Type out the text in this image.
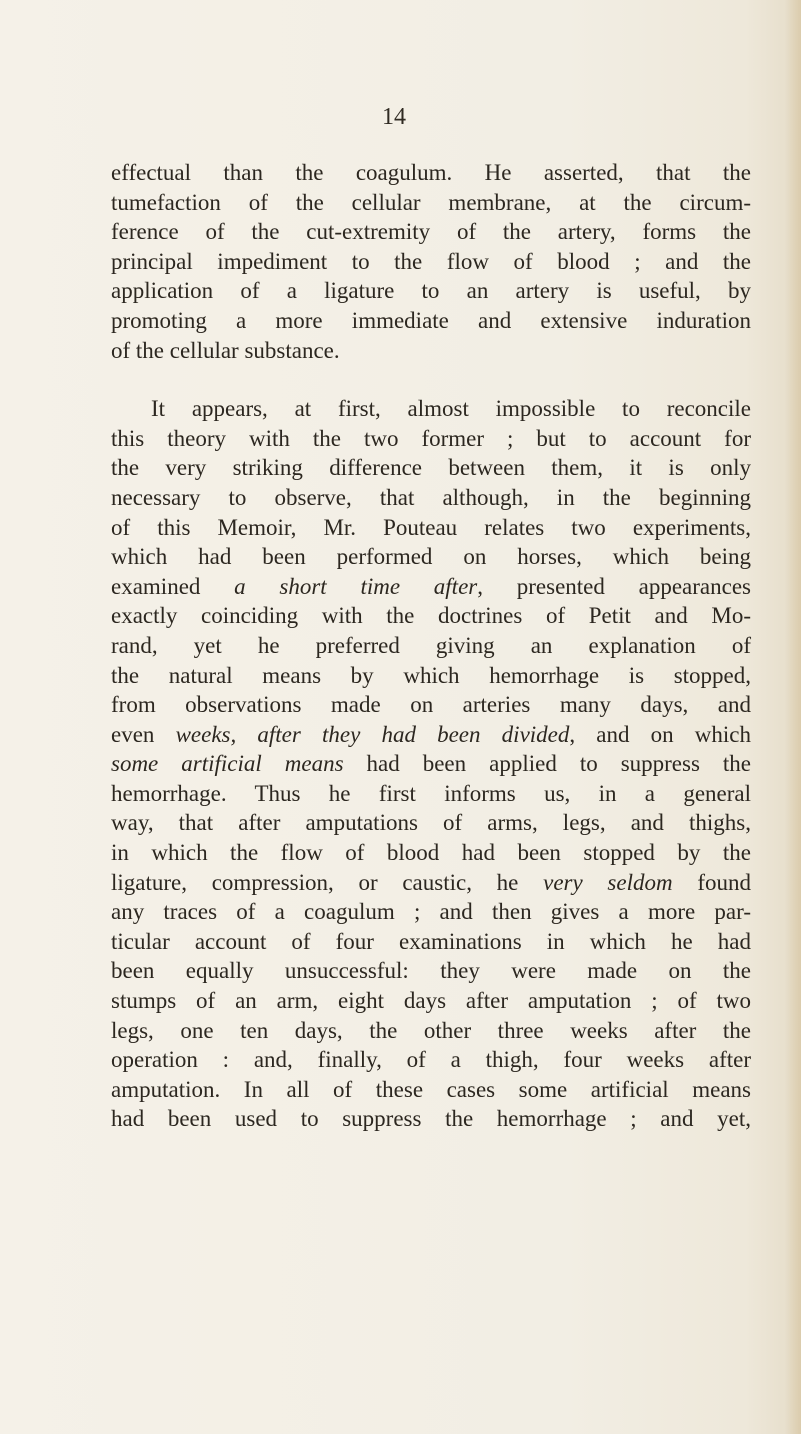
14

effectual than the coagulum. He asserted, that the
tumefaction of the cellular membrane, at the circum-
ference of the cut-extremity of the artery, forms the
principal impediment to the flow of blood ; and the
application of a ligature to an artery is useful, by
promoting a more immediate and extensive induration
of the cellular substance.

It appears, at first, almost impossible to reconcile
this theory with the two former ; but to account for
the very striking difference between them, it is only
necessary to observe, that although, in the beginning
of this Memoir, Mr. Pouteau relates two experiments,
which had been performed on horses, which being
examined a short time after, presented appearances
exactly coinciding with the doctrines of Petit and Mo-
rand, yet he preferred giving an explanation of
the natural means by which hemorrhage is stopped,
from observations made on arteries many days, and
even weeks, after they had been divided, and on which
some artificial means had been applied to suppress the
hemorrhage. Thus he first informs us, in a general
way, that after amputations of arms, legs, and thighs,
in which the flow of blood had been stopped by the
ligature, compression, or caustic, he very seldom found
any traces of a coagulum ; and then gives a more par-
ticular account of four examinations in which he had
been equally unsuccessful: they were made on the
stumps of an arm, eight days after amputation ; of two
legs, one ten days, the other three weeks after the
operation : and, finally, of a thigh, four weeks after
amputation. In all of these cases some artificial means
had been used to suppress the hemorrhage ; and yet,
